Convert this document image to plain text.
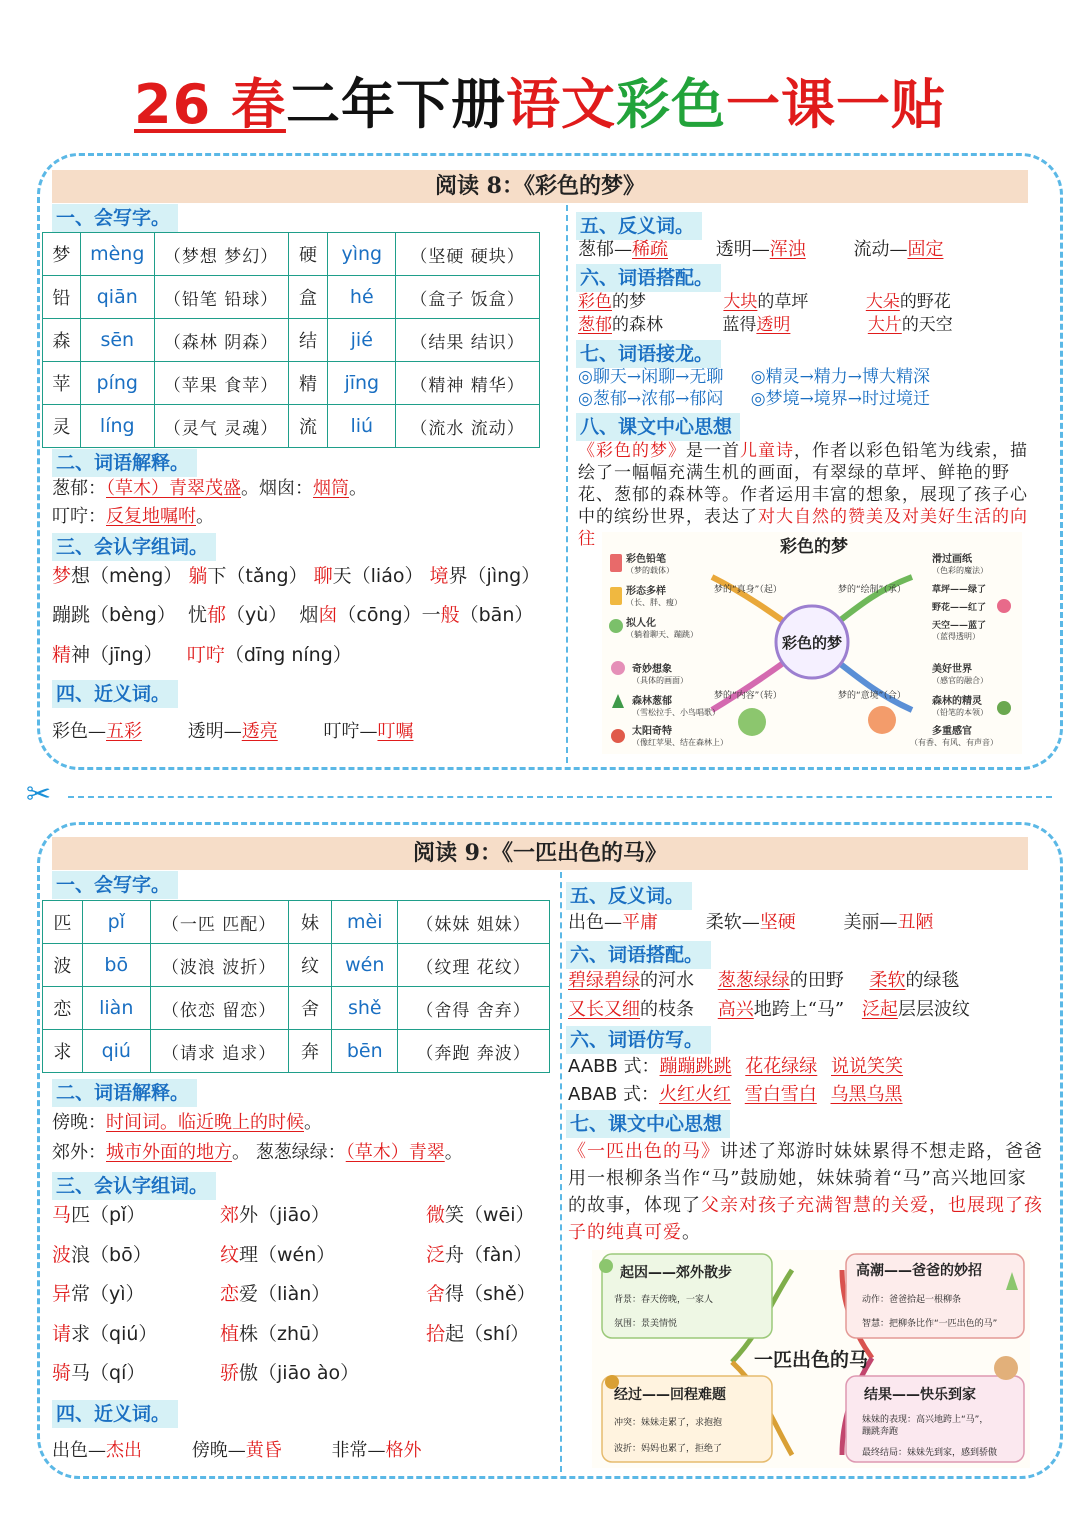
26 春二年下册语文彩色一课一贴
阅读 8：《彩色的梦》
一、会写字。
梦	mèng	（梦想 梦幻）	硬	yìng	（坚硬 硬块）
铅	qiān	（铅笔 铅球）	盒	hé	（盒子 饭盒）
森	sēn	（森林 阴森）	结	jié	（结果 结识）
苹	píng	（苹果 食苹）	精	jīng	（精神 精华）
灵	líng	（灵气 灵魂）	流	liú	（流水 流动）
二、词语解释。
葱郁：（草木）青翠茂盛。烟囱：烟筒。
叮咛：反复地嘱咐。
三、会认字组词。
梦想（mèng） 躺下（tǎng） 聊天（liáo） 境界（jìng）
蹦跳（bèng） 忧郁（yù） 烟囱（cōng）一般（bān）
精神（jīng） 叮咛（dīng níng）
四、近义词。
彩色—五彩	透明—透亮	叮咛—叮嘱
五、反义词。
葱郁—稀疏	透明—浑浊	流动—固定
六、词语搭配。
彩色的梦	大块的草坪	大朵的野花
葱郁的森林	蓝得透明	大片的天空
七、词语接龙。
◎聊天→闲聊→无聊 ◎精灵→精力→博大精深
◎葱郁→浓郁→郁闷 ◎梦境→境界→时过境迁
八、课文中心思想
《彩色的梦》是一首儿童诗，作者以彩色铅笔为线索，描绘了一幅幅充满生机的画面，有翠绿的草坪、鲜艳的野花、葱郁的森林等。作者运用丰富的想象，展现了孩子心中的缤纷世界，表达了对大自然的赞美及对美好生活的向往	彩色的梦
彩色的梦
梦的“真身”（起）	梦的“绘制”（承）
梦的“内容”（转）	梦的“意境”（合）
彩色铅笔
（梦的载体）
形态多样
（长、胖、瘦）
拟人化
（躺着聊天、蹦跳）
奇妙想象
（具体的画面）
森林葱郁
（雪松拉手、小鸟唱歌）
太阳奇特
（像红苹果、结在森林上）
滑过画纸
（色彩的魔法）
草坪——绿了
野花——红了
天空——蓝了
（蓝得透明）
美好世界
（感官的融合）
森林的精灵
（铅笔的本领）
多重感官
（有香、有风、有声音）
✂
阅读 9：《一匹出色的马》
一、会写字。
匹	pǐ	（一匹 匹配）	妹	mèi	（妹妹 姐妹）
波	bō	（波浪 波折）	纹	wén	（纹理 花纹）
恋	liàn	（依恋 留恋）	舍	shě	（舍得 舍弃）
求	qiú	（请求 追求）	奔	bēn	（奔跑 奔波）
二、词语解释。
傍晚：时间词。临近晚上的时候。
郊外：城市外面的地方。 葱葱绿绿：（草木）青翠。
三、会认字组词。
马匹（pǐ）	郊外（jiāo）	微笑（wēi）
波浪（bō）	纹理（wén）	泛舟（fàn）
异常（yì）	恋爱（liàn）	舍得（shě）
请求（qiú）	植株（zhū）	拾起（shí）
骑马（qí）	骄傲（jiāo ào）
四、近义词。
出色—杰出	傍晚—黄昏	非常—格外
五、反义词。
出色—平庸	柔软—坚硬	美丽—丑陋
六、词语搭配。
碧绿碧绿的河水 葱葱绿绿的田野 柔软的绿毯
又长又细的枝条 高兴地跨上“马” 泛起层层波纹
六、词语仿写。
AABB 式：蹦蹦跳跳 花花绿绿 说说笑笑
ABAB 式：火红火红 雪白雪白 乌黑乌黑
七、课文中心思想
《一匹出色的马》讲述了郑游时妹妹累得不想走路，爸爸用一根柳条当作“马”鼓励她，妹妹骑着“马”高兴地回家的故事，体现了父亲对孩子充满智慧的关爱，也展现了孩子的纯真可爱。
一匹出色的马
起因——郊外散步
背景：春天傍晚，一家人
氛围：景美情悦
高潮——爸爸的妙招
动作：爸爸拾起一根柳条
智慧：把柳条比作“一匹出色的马”
经过——回程难题
冲突：妹妹走累了，求抱抱
波折：妈妈也累了，拒绝了
结果——快乐到家
妹妹的表现：高兴地跨上“马”，
蹦跳奔跑
最终结局：妹妹先到家，感到骄傲
